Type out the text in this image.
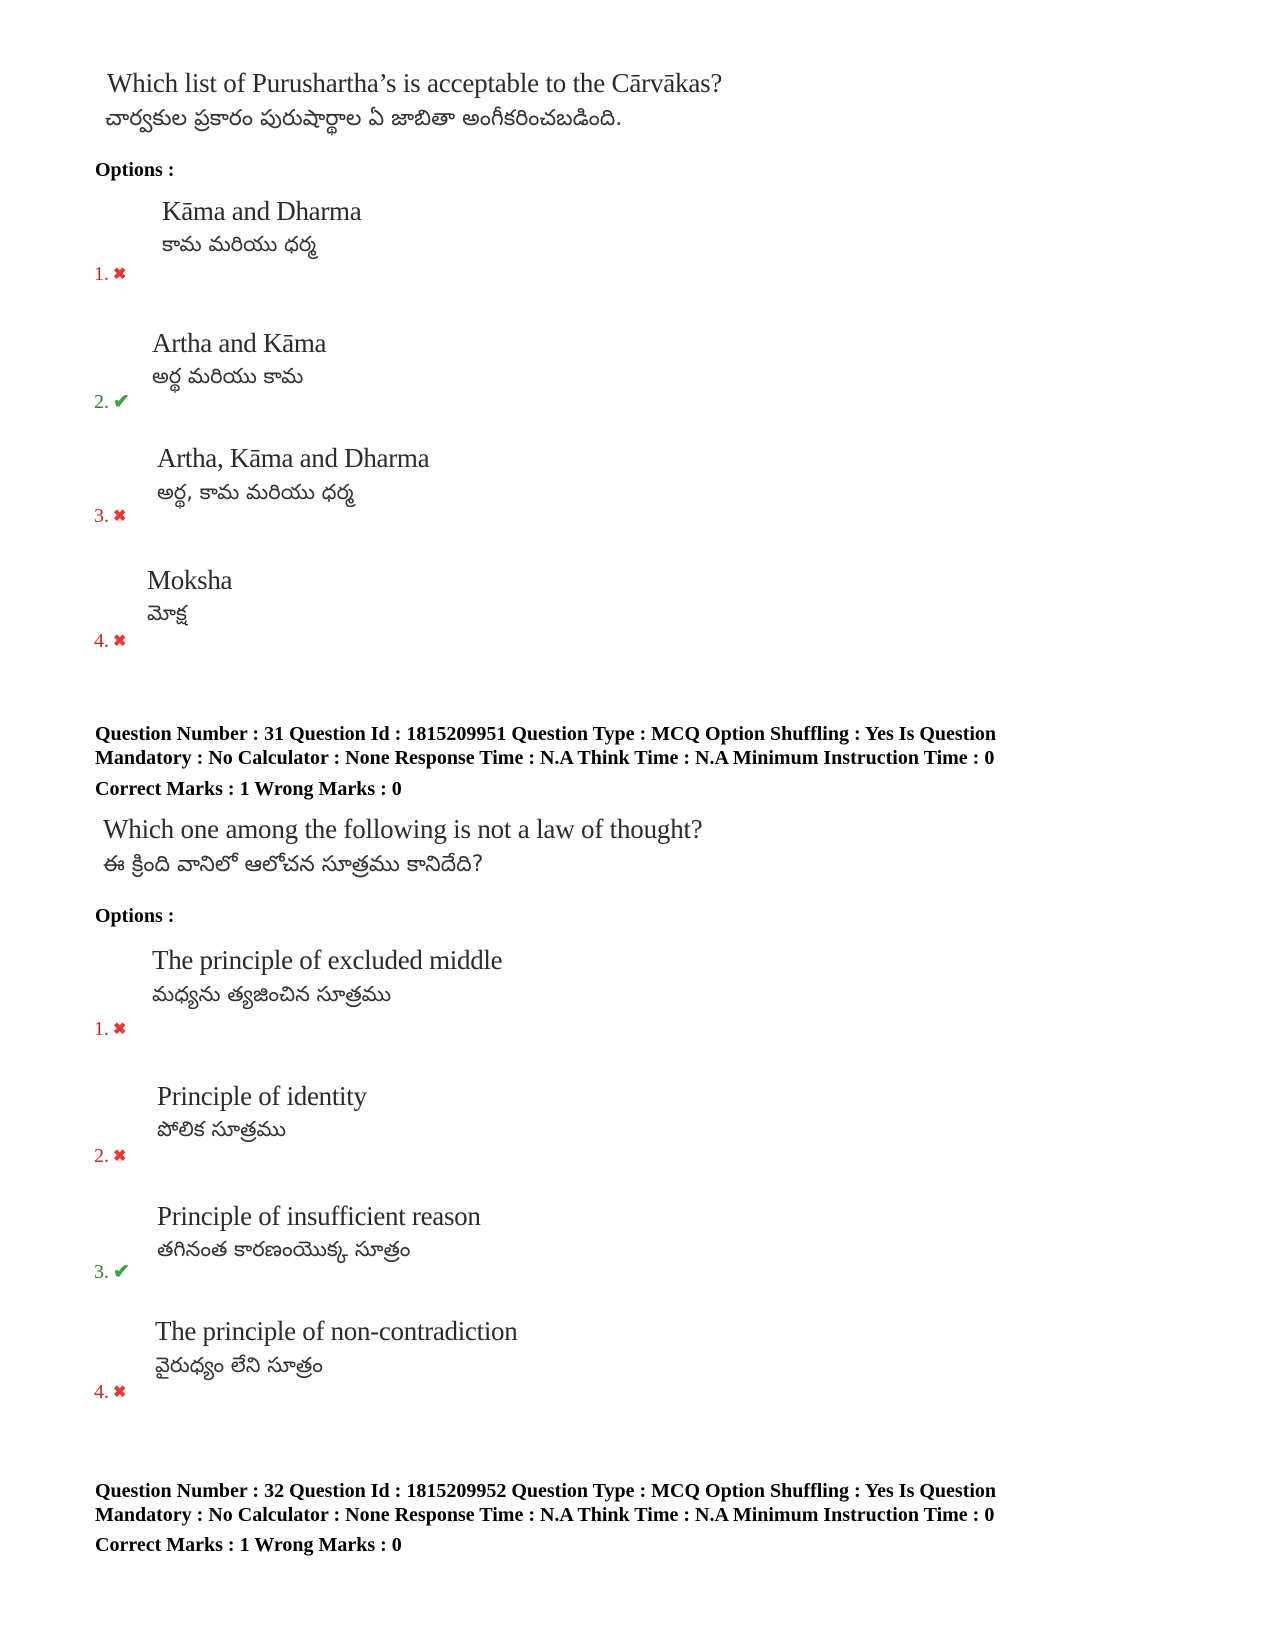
Which list of Purushartha’s is acceptable to the Cārvākas?
చార్వకుల ప్రకారం పురుషార్థాల ఏ జాబితా అంగీకరించబడింది.
Options :
Kāma and Dharma
కామ మరియు ధర్మ
1. ✖
Artha and Kāma
అర్థ మరియు కామ
2. ✔
Artha, Kāma and Dharma
అర్థ, కామ మరియు ధర్మ
3. ✖
Moksha
మోక్ష
4. ✖
Question Number : 31 Question Id : 1815209951 Question Type : MCQ Option Shuffling : Yes Is Question
Mandatory : No Calculator : None Response Time : N.A Think Time : N.A Minimum Instruction Time : 0
Correct Marks : 1 Wrong Marks : 0
Which one among the following is not a law of thought?
ఈ క్రింది వానిలో ఆలోచన సూత్రము కానిదేది?
Options :
The principle of excluded middle
మధ్యను త్యజించిన సూత్రము
1. ✖
Principle of identity
పోలిక సూత్రము
2. ✖
Principle of insufficient reason
తగినంత కారణంయొక్క సూత్రం
3. ✔
The principle of non-contradiction
వైరుధ్యం లేని సూత్రం
4. ✖
Question Number : 32 Question Id : 1815209952 Question Type : MCQ Option Shuffling : Yes Is Question
Mandatory : No Calculator : None Response Time : N.A Think Time : N.A Minimum Instruction Time : 0
Correct Marks : 1 Wrong Marks : 0
